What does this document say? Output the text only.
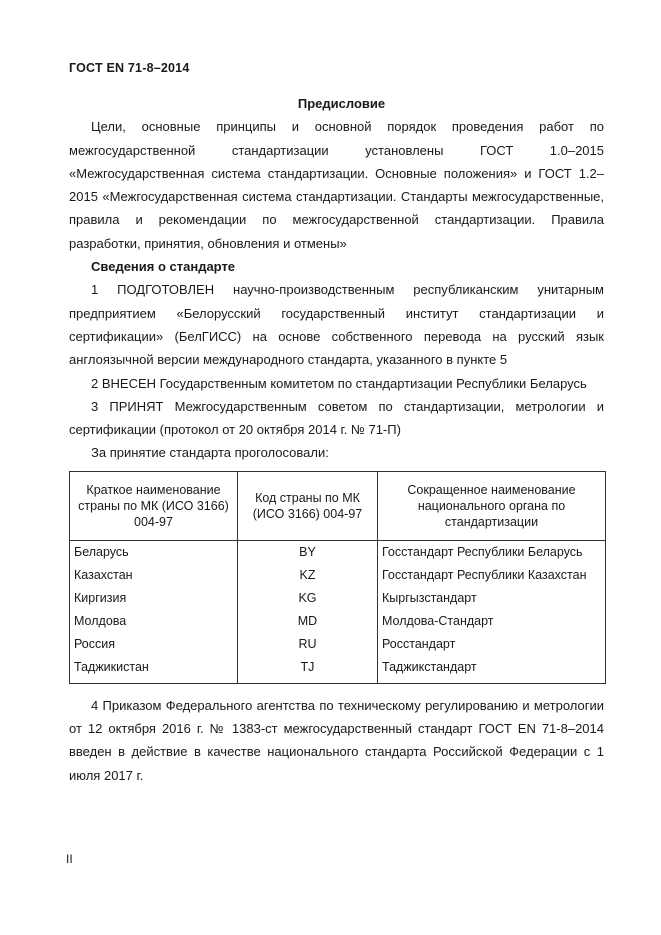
ГОСТ EN 71-8–2014
Предисловие

Цели, основные принципы и основной порядок проведения работ по межгосударственной стандартизации установлены ГОСТ 1.0–2015 «Межгосударственная система стандартизации. Основные положения» и ГОСТ 1.2–2015 «Межгосударственная система стандартизации. Стандарты межгосударственные, правила и рекомендации по межгосударственной стандартизации. Правила разработки, принятия, обновления и отмены»

Сведения о стандарте

1 ПОДГОТОВЛЕН научно-производственным республиканским унитарным предприятием «Белорусский государственный институт стандартизации и сертификации» (БелГИСС) на основе собственного перевода на русский язык англоязычной версии международного стандарта, указанного в пункте 5

2 ВНЕСЕН Государственным комитетом по стандартизации Республики Беларусь

3 ПРИНЯТ Межгосударственным советом по стандартизации, метрологии и сертификации (протокол от 20 октября 2014 г. № 71-П)

За принятие стандарта проголосовали:
Краткое наименование страны по МК (ИСО 3166) 004-97	Код страны по МК (ИСО 3166) 004-97	Сокращенное наименование национального органа по стандартизации
Беларусь	BY	Госстандарт Республики Беларусь
Казахстан	KZ	Госстандарт Республики Казахстан
Киргизия	KG	Кыргызстандарт
Молдова	MD	Молдова-Стандарт
Россия	RU	Росстандарт
Таджикистан	TJ	Таджикстандарт

4 Приказом Федерального агентства по техническому регулированию и метрологии от 12 октября 2016 г. № 1383-ст межгосударственный стандарт ГОСТ EN 71-8–2014 введен в действие в качестве национального стандарта Российской Федерации с 1 июля 2017 г.

II
